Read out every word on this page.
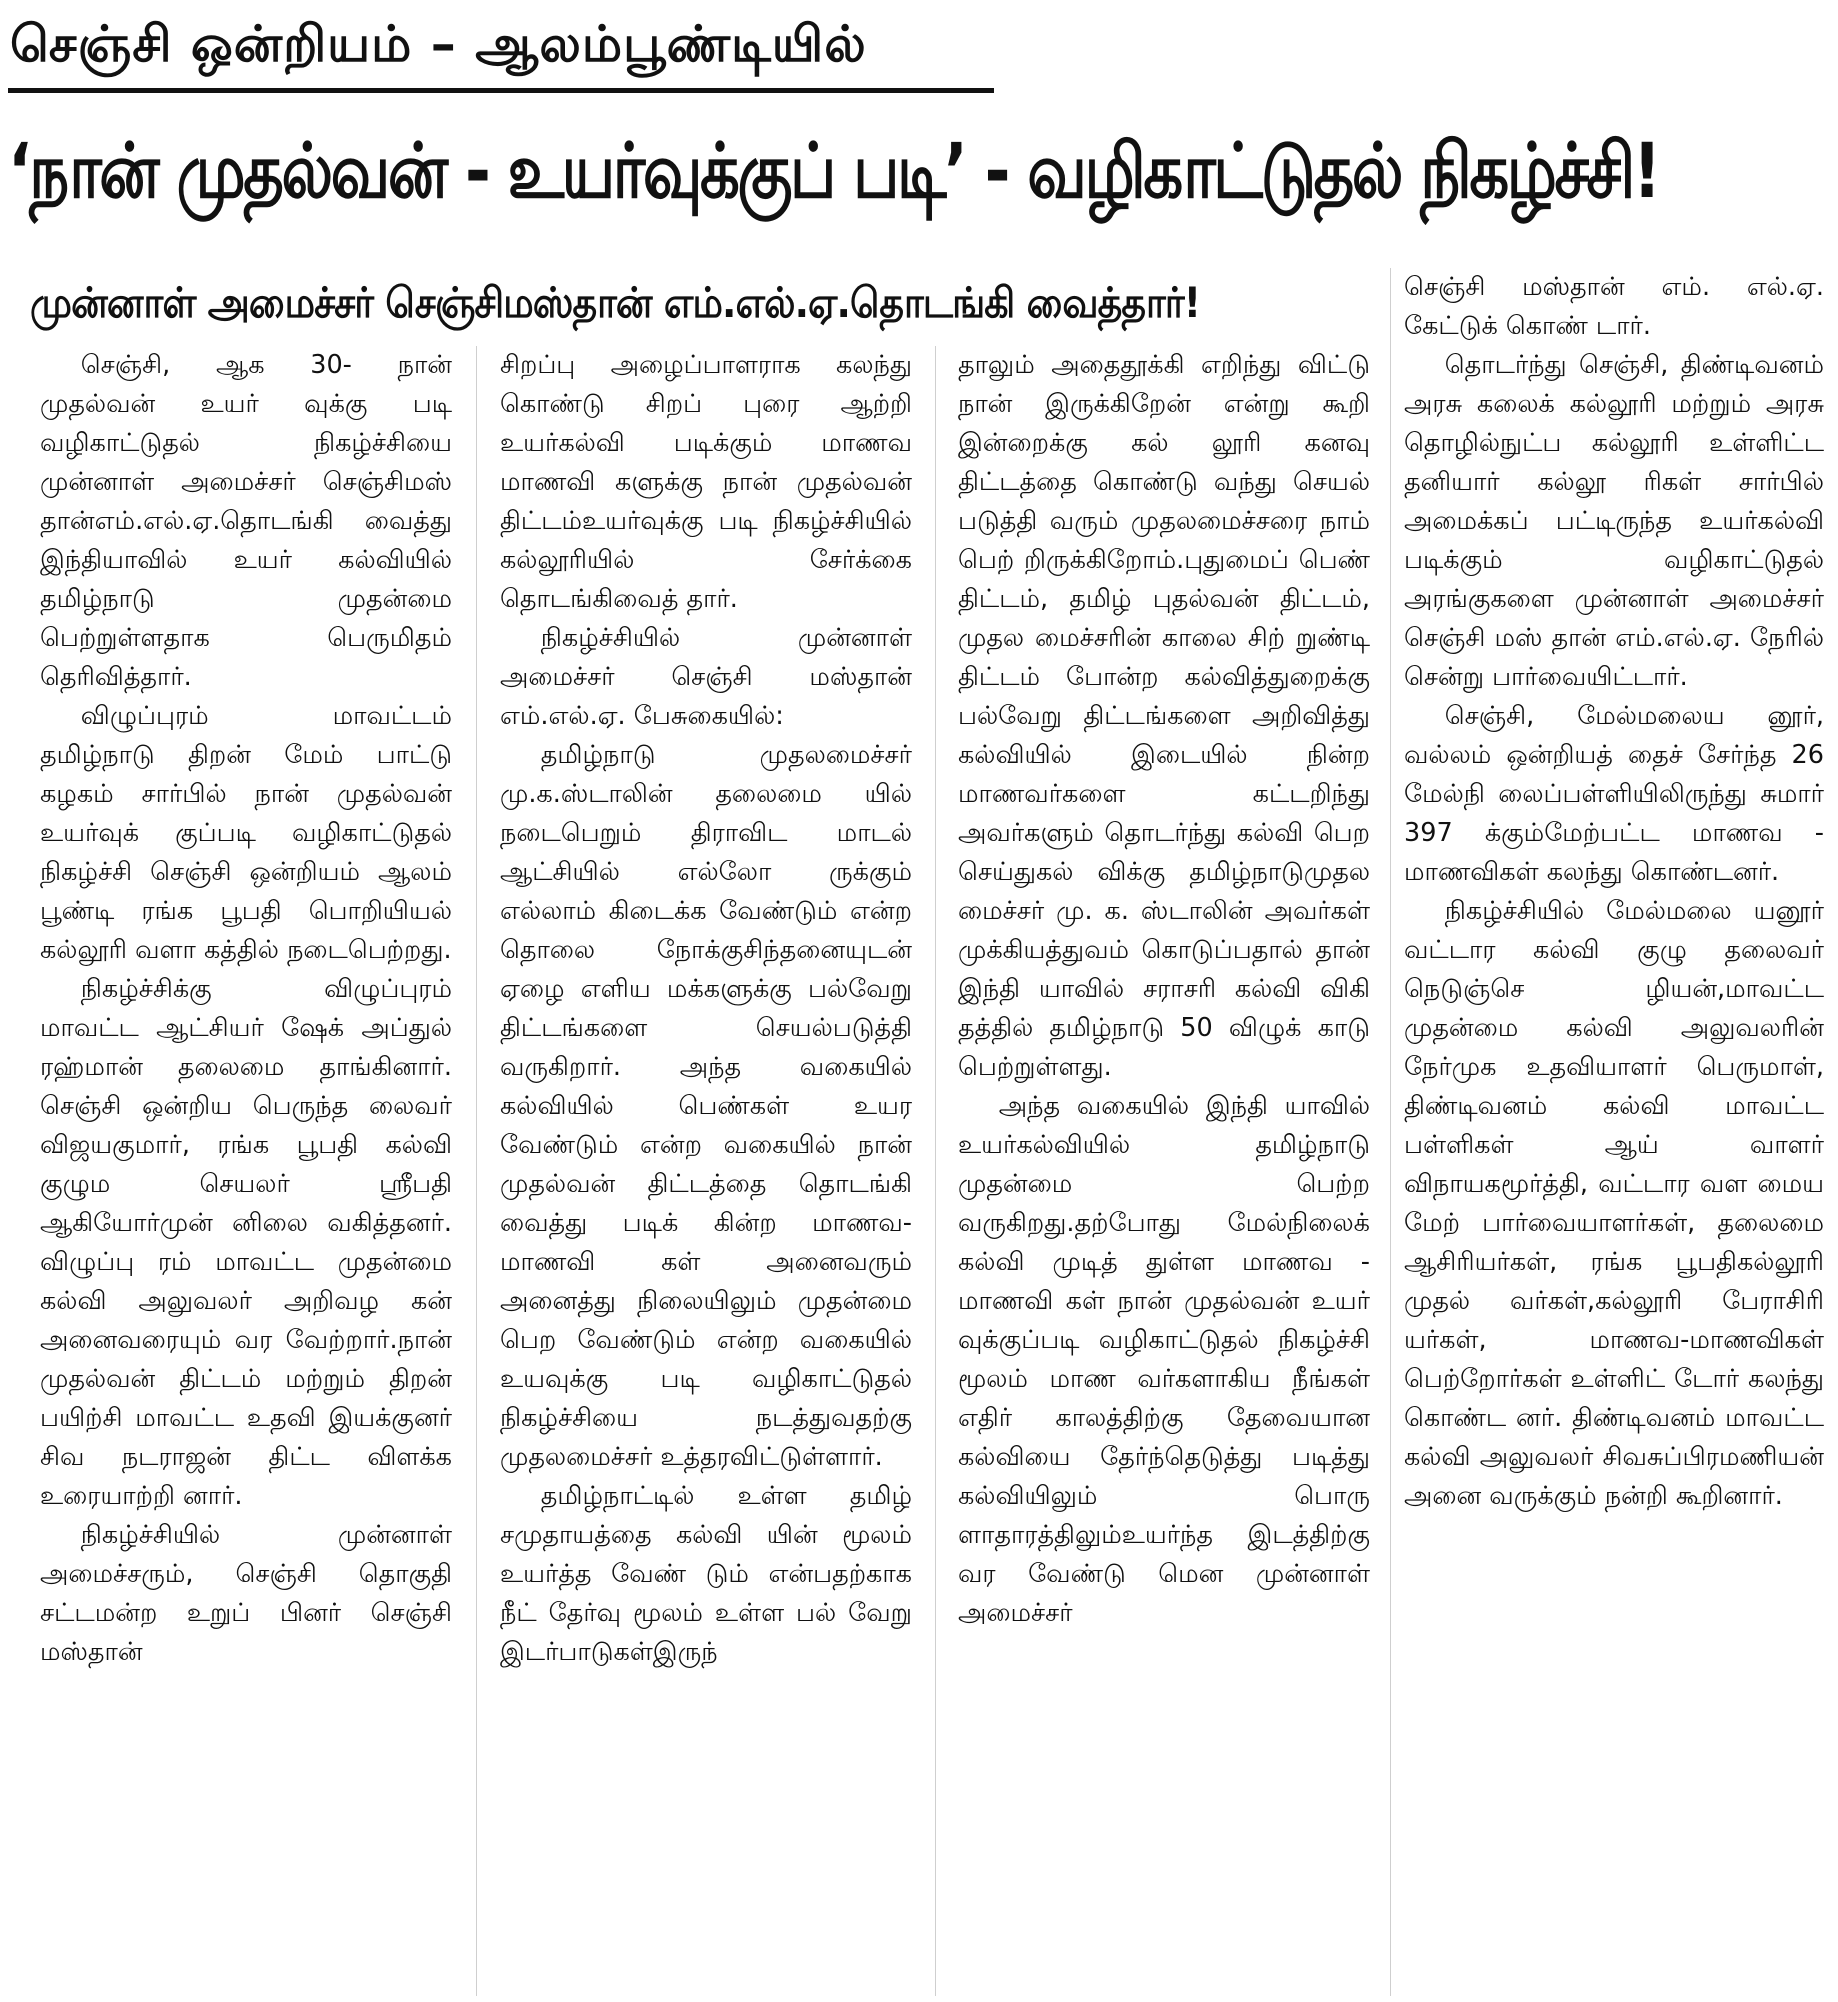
செஞ்சி ஒன்றியம் – ஆலம்பூண்டியில்
‘நான் முதல்வன் - உயர்வுக்குப் படி’ - வழிகாட்டுதல் நிகழ்ச்சி!
முன்னாள் அமைச்சர் செஞ்சிமஸ்தான் எம்.எல்.ஏ.தொடங்கி வைத்தார்!

செஞ்சி, ஆக 30- நான் முதல்வன் உயர் வுக்கு படி வழிகாட்டுதல் நிகழ்ச்சியை முன்னாள் அமைச்சர் செஞ்சிமஸ் தான்எம்.எல்.ஏ.தொடங்கி வைத்து இந்தியாவில் உயர் கல்வியில் தமிழ்நாடு முதன்மை பெற்றுள்ளதாக பெருமிதம் தெரிவித்தார்.

விழுப்புரம் மாவட்டம் தமிழ்நாடு திறன் மேம் பாட்டு கழகம் சார்பில் நான் முதல்வன் உயர்வுக் குப்படி வழிகாட்டுதல் நிகழ்ச்சி செஞ்சி ஒன்றியம் ஆலம் பூண்டி ரங்க பூபதி பொறியியல் கல்லூரி வளா கத்தில் நடைபெற்றது.

நிகழ்ச்சிக்கு விழுப்புரம் மாவட்ட ஆட்சியர் ஷேக் அப்துல் ரஹ்மான் தலைமை தாங்கினார். செஞ்சி ஒன்றிய பெருந்த லைவர் விஜயகுமார், ரங்க பூபதி கல்வி குழும செயலர் ஸ்ரீபதி ஆகியோர்முன் னிலை வகித்தனர். விழுப்பு ரம் மாவட்ட முதன்மை கல்வி அலுவலர் அறிவழ கன் அனைவரையும் வர வேற்றார்.நான் முதல்வன் திட்டம் மற்றும் திறன் பயிற்சி மாவட்ட உதவி இயக்குனர் சிவ நடராஜன் திட்ட விளக்க உரையாற்றி னார்.

நிகழ்ச்சியில் முன்னாள் அமைச்சரும், செஞ்சி தொகுதி சட்டமன்ற உறுப் பினர் செஞ்சி மஸ்தான்

சிறப்பு அழைப்பாளராக கலந்து கொண்டு சிறப் புரை ஆற்றி உயர்கல்வி படிக்கும் மாணவ மாணவி களுக்கு நான் முதல்வன் திட்டம்உயர்வுக்கு படி நிகழ்ச்சியில் கல்லூரியில் சேர்க்கை தொடங்கிவைத் தார்.

நிகழ்ச்சியில் முன்னாள் அமைச்சர் செஞ்சி மஸ்தான் எம்.எல்.ஏ. பேசுகையில்:

தமிழ்நாடு முதலமைச்சர் மு.க.ஸ்டாலின் தலைமை யில் நடைபெறும் திராவிட மாடல் ஆட்சியில் எல்லோ ருக்கும் எல்லாம் கிடைக்க வேண்டும் என்ற தொலை நோக்குசிந்தனையுடன் ஏழை எளிய மக்களுக்கு பல்வேறு திட்டங்களை செயல்படுத்தி வருகிறார். அந்த வகையில் கல்வியில் பெண்கள் உயர வேண்டும் என்ற வகையில் நான் முதல்வன் திட்டத்தை தொடங்கி வைத்து படிக் கின்ற மாணவ-மாணவி கள் அனைவரும் அனைத்து நிலையிலும் முதன்மை பெற வேண்டும் என்ற வகையில் உயவுக்கு படி வழிகாட்டுதல் நிகழ்ச்சியை நடத்துவதற்கு முதலமைச்சர் உத்தரவிட்டுள்ளார்.

தமிழ்நாட்டில் உள்ள தமிழ் சமுதாயத்தை கல்வி யின் மூலம் உயர்த்த வேண் டும் என்பதற்காக நீட் தேர்வு மூலம் உள்ள பல் வேறு இடர்பாடுகள்இருந்

தாலும் அதைதூக்கி எறிந்து விட்டு நான் இருக்கிறேன் என்று கூறி இன்றைக்கு கல் லூரி கனவு திட்டத்தை கொண்டு வந்து செயல் படுத்தி வரும் முதலமைச்சரை நாம் பெற் றிருக்கிறோம்.புதுமைப் பெண் திட்டம், தமிழ் புதல்வன் திட்டம், முதல மைச்சரின் காலை சிற் றுண்டி திட்டம் போன்ற கல்வித்துறைக்கு பல்வேறு திட்டங்களை அறிவித்து கல்வியில் இடையில் நின்ற மாணவர்களை கட்டறிந்து அவர்களும் தொடர்ந்து கல்வி பெற செய்துகல் விக்கு தமிழ்நாடுமுதல மைச்சர் மு. க. ஸ்டாலின் அவர்கள் முக்கியத்துவம் கொடுப்பதால் தான் இந்தி யாவில் சராசரி கல்வி விகி தத்தில் தமிழ்நாடு 50 விழுக் காடு பெற்றுள்ளது.

அந்த வகையில் இந்தி யாவில் உயர்கல்வியில் தமிழ்நாடு முதன்மை பெற்ற வருகிறது.தற்போது மேல்நிலைக் கல்வி முடித் துள்ள மாணவ - மாணவி கள் நான் முதல்வன் உயர் வுக்குப்படி வழிகாட்டுதல் நிகழ்ச்சி மூலம் மாண வர்களாகிய நீங்கள் எதிர் காலத்திற்கு தேவையான கல்வியை தேர்ந்தெடுத்து படித்து கல்வியிலும் பொரு ளாதாரத்திலும்உயர்ந்த இடத்திற்கு வர வேண்டு மென முன்னாள் அமைச்சர்

செஞ்சி மஸ்தான் எம். எல்.ஏ. கேட்டுக் கொண் டார்.

தொடர்ந்து செஞ்சி, திண்டிவனம் அரசு கலைக் கல்லூரி மற்றும் அரசு தொழில்நுட்ப கல்லூரி உள்ளிட்ட தனியார் கல்லூ ரிகள் சார்பில் அமைக்கப் பட்டிருந்த உயர்கல்வி படிக்கும் வழிகாட்டுதல் அரங்குகளை முன்னாள் அமைச்சர் செஞ்சி மஸ் தான் எம்.எல்.ஏ. நேரில் சென்று பார்வையிட்டார்.

செஞ்சி, மேல்மலைய னூர், வல்லம் ஒன்றியத் தைச் சேர்ந்த 26 மேல்நி லைப்பள்ளியிலிருந்து சுமார் 397 க்கும்மேற்பட்ட மாணவ - மாணவிகள் கலந்து கொண்டனர்.

நிகழ்ச்சியில் மேல்மலை யனூர் வட்டார கல்வி குழு தலைவர் நெடுஞ்செ ழியன்,மாவட்ட முதன்மை கல்வி அலுவலரின் நேர்முக உதவியாளர் பெருமாள், திண்டிவனம் கல்வி மாவட்ட பள்ளிகள் ஆய் வாளர் விநாயகமூர்த்தி, வட்டார வள மைய மேற் பார்வையாளர்கள், தலைமை ஆசிரியர்கள், ரங்க பூபதிகல்லூரி முதல் வர்கள்,கல்லூரி பேராசிரி யர்கள், மாணவ-மாணவிகள் பெற்றோர்கள் உள்ளிட் டோர் கலந்து கொண்ட னர். திண்டிவனம் மாவட்ட கல்வி அலுவலர் சிவசுப்பிரமணியன் அனை வருக்கும் நன்றி கூறினார்.
